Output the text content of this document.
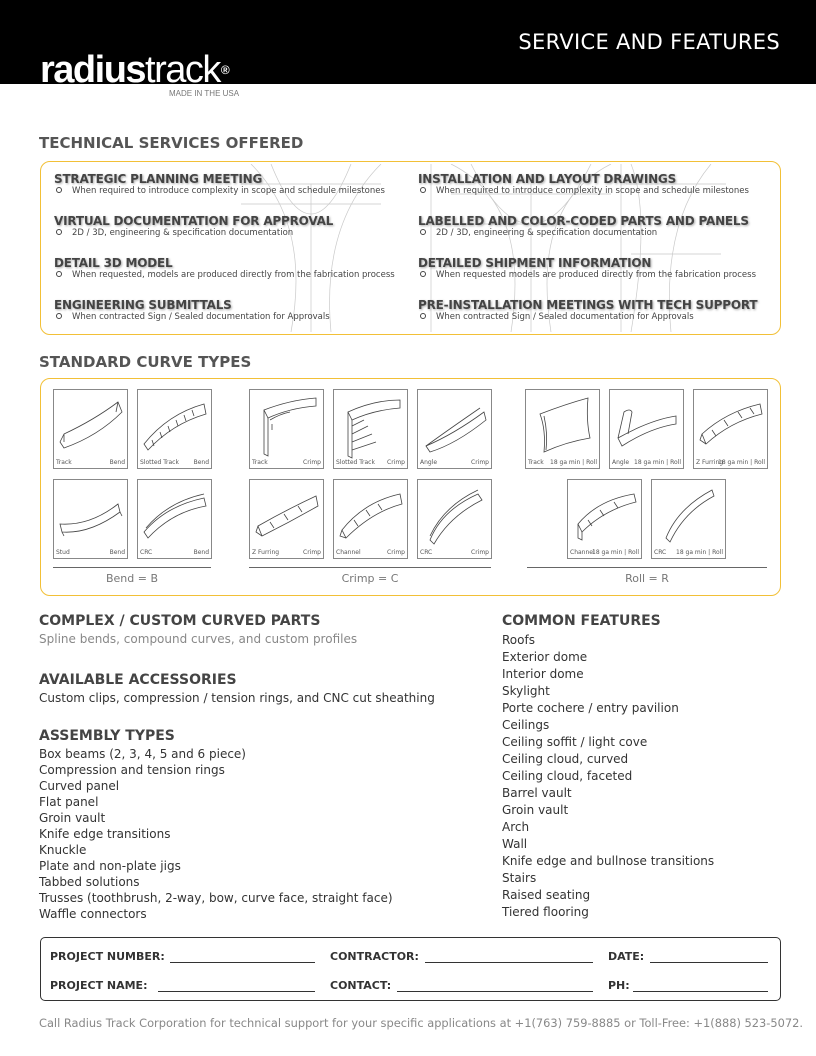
SERVICE AND FEATURES
radiustrack®
MADE IN THE USA
TECHNICAL SERVICES OFFERED
STRATEGIC PLANNING MEETING
When required to introduce complexity in scope and schedule milestones
VIRTUAL DOCUMENTATION FOR APPROVAL
2D / 3D, engineering & specification documentation
DETAIL 3D MODEL
When requested, models are produced directly from the fabrication process
ENGINEERING SUBMITTALS
When contracted Sign / Sealed documentation for Approvals
INSTALLATION AND LAYOUT DRAWINGS
When required to introduce complexity in scope and schedule milestones
LABELLED AND COLOR-CODED PARTS AND PANELS
2D / 3D, engineering & specification documentation
DETAILED SHIPMENT INFORMATION
When requested models are produced directly from the fabrication process
PRE-INSTALLATION MEETINGS WITH TECH SUPPORT
When contracted Sign / Sealed documentation for Approvals
STANDARD CURVE TYPES
Track	Bend	Slotted Track Bend
Stud	Bend	CRC	Bend
Track	Crimp	Slotted Track Crimp	Angle	Crimp
Z Furring	Crimp	Channel	Crimp	CRC	Crimp
Track 18 ga min | Roll	Angle 18 ga min | Roll	Z Furring
18 ga min | Roll
Channel
18 ga min | Roll	CRC 18 ga min | Roll
Bend = B	Crimp = C	Roll = R
COMPLEX / CUSTOM CURVED PARTS
Spline bends, compound curves, and custom profiles
AVAILABLE ACCESSORIES
Custom clips, compression / tension rings, and CNC cut sheathing
ASSEMBLY TYPES
Box beams (2, 3, 4, 5 and 6 piece)
Compression and tension rings
Curved panel
Flat panel
Groin vault
Knife edge transitions
Knuckle
Plate and non-plate jigs
Tabbed solutions
Trusses (toothbrush, 2-way, bow, curve face, straight face)
Waffle connectors
COMMON FEATURES
Roofs
Exterior dome
Interior dome
Skylight
Porte cochere / entry pavilion
Ceilings
Ceiling soffit / light cove
Ceiling cloud, curved
Ceiling cloud, faceted
Barrel vault
Groin vault
Arch
Wall
Knife edge and bullnose transitions
Stairs
Raised seating
Tiered flooring
PROJECT NUMBER:	CONTRACTOR:	DATE:
PROJECT NAME:	CONTACT:	PH:
Call Radius Track Corporation for technical support for your specific applications at +1(763) 759-8885 or Toll-Free: +1(888) 523-5072.
